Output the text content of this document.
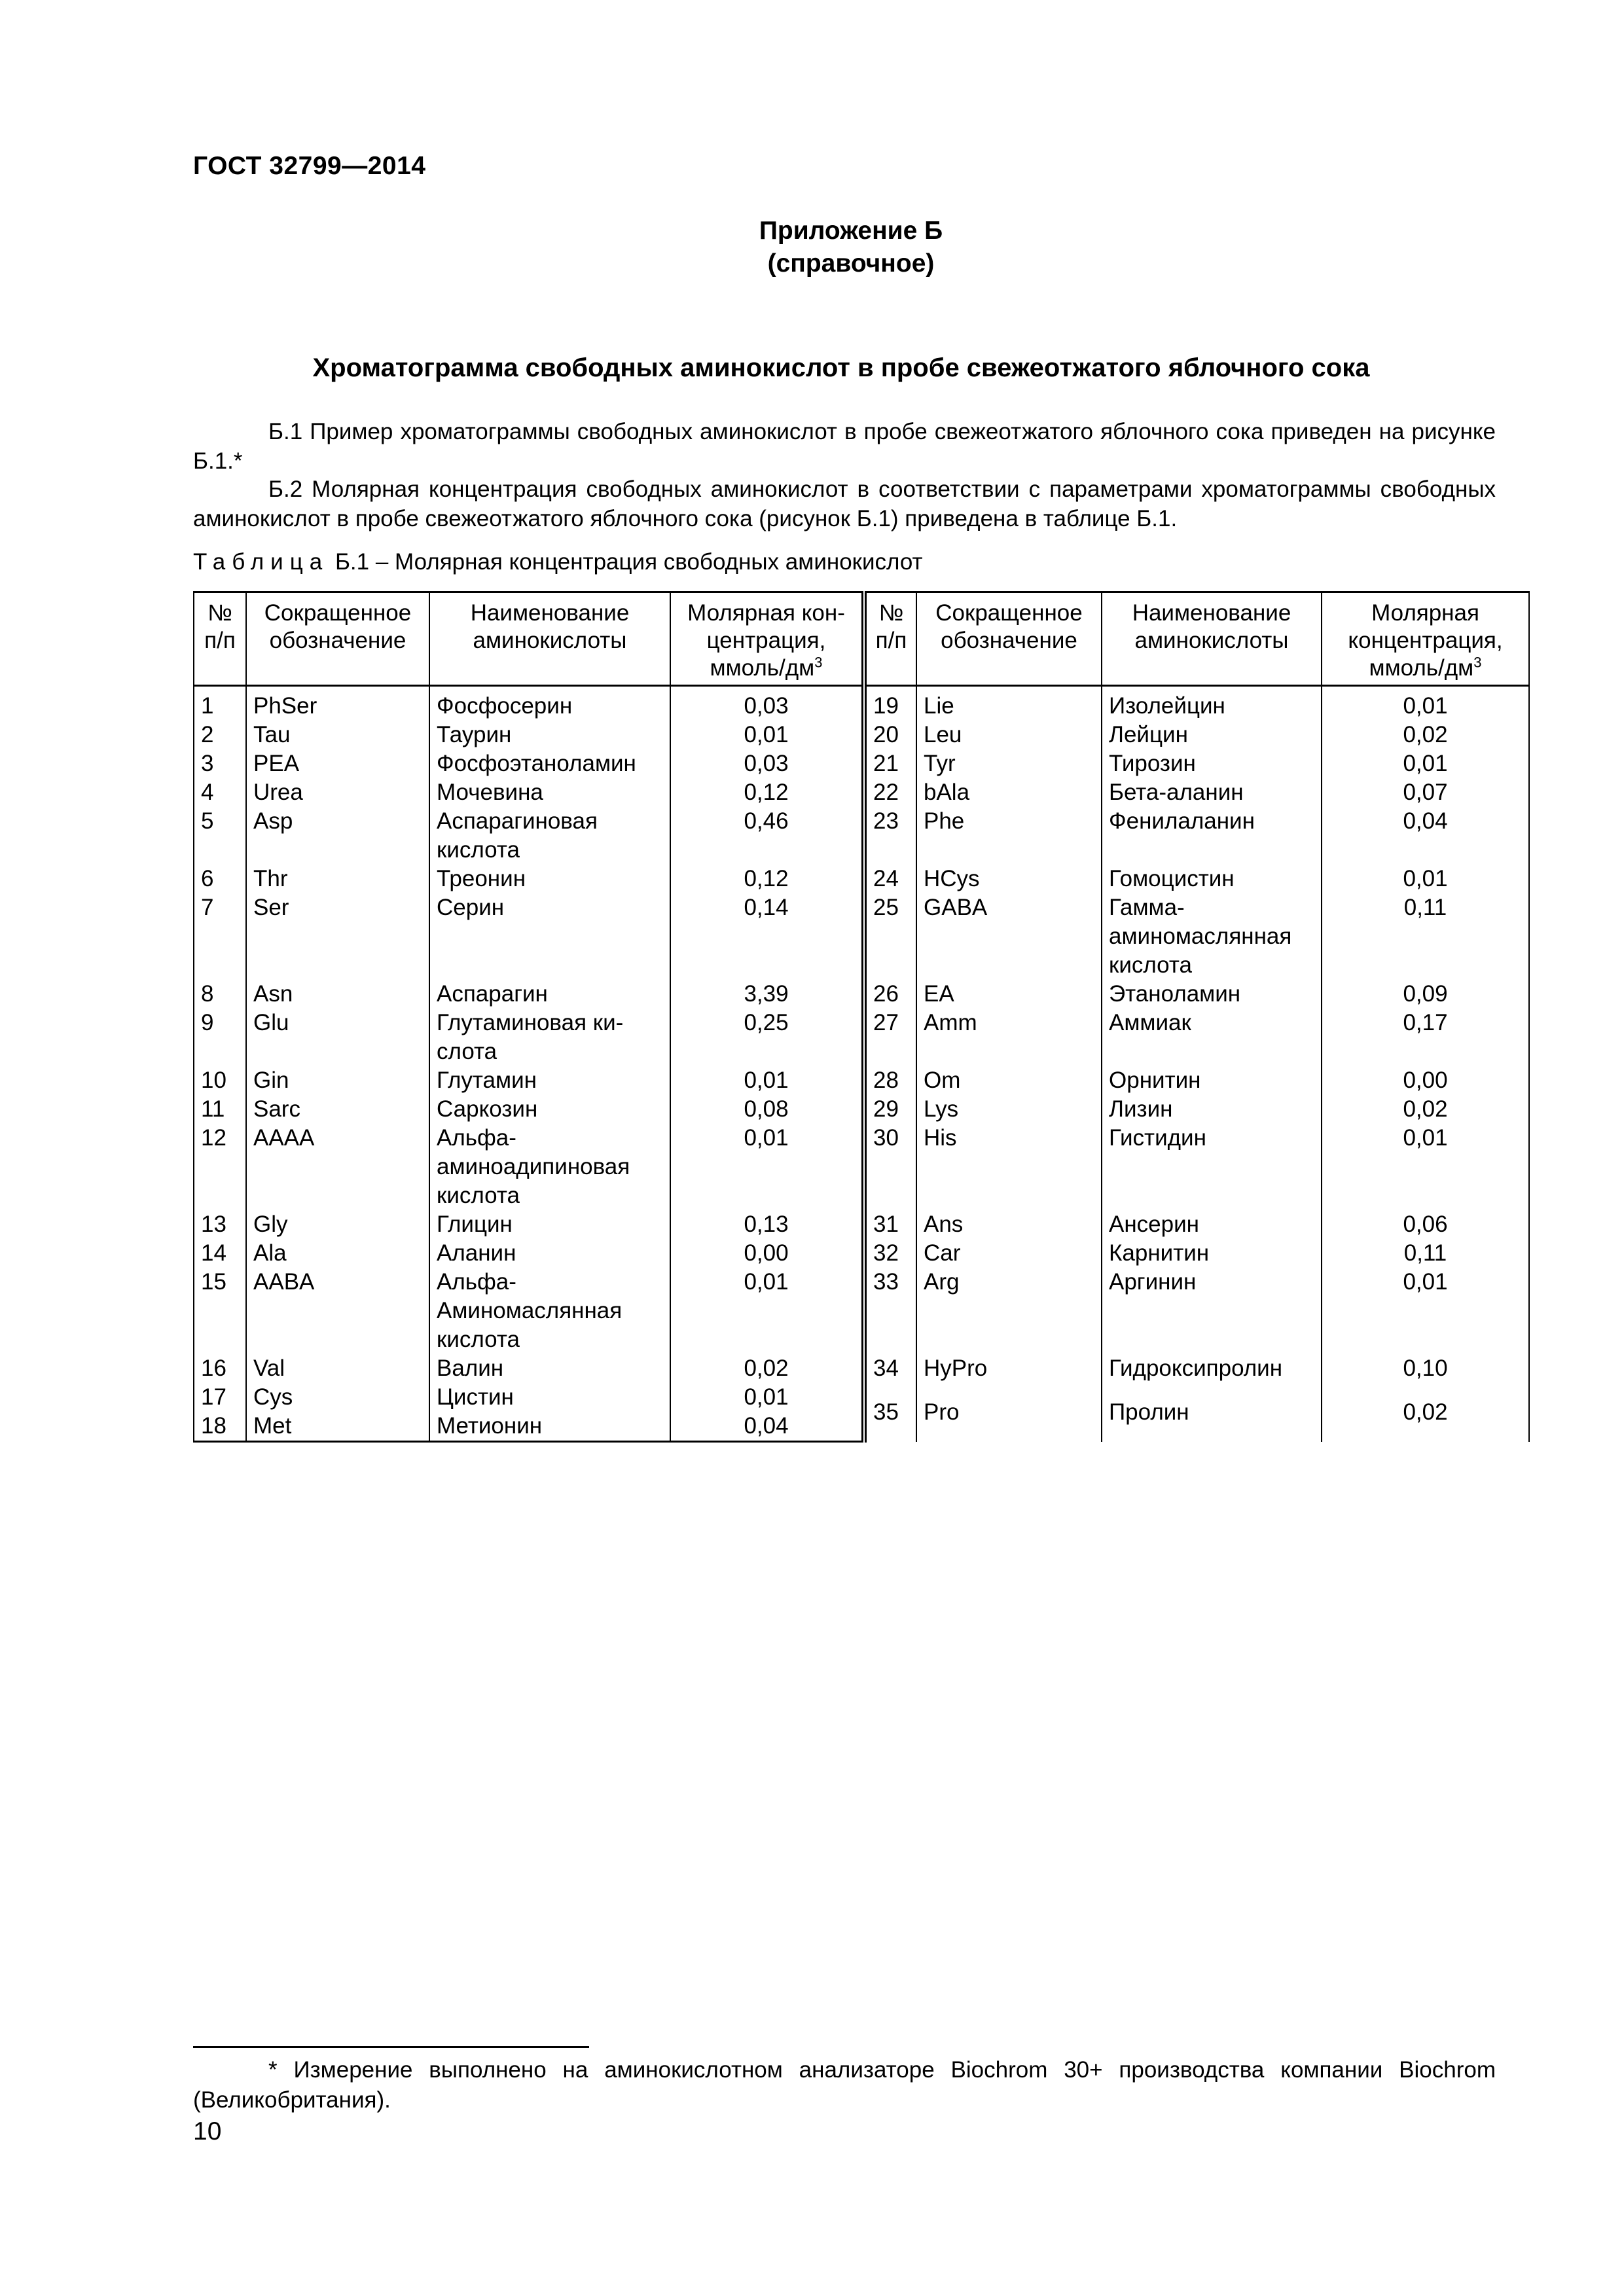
ГОСТ 32799—2014
Приложение Б
(справочное)
Хроматограмма свободных аминокислот в пробе свежеотжатого яблочного сока
Б.1 Пример хроматограммы свободных аминокислот в пробе свежеотжатого яблочного сока приведен на рисунке Б.1.*
Б.2 Молярная концентрация свободных аминокислот в соответствии с параметрами хроматограммы свободных аминокислот в пробе свежеотжатого яблочного сока (рисунок Б.1) приведена в таблице Б.1.
Таблица Б.1 – Молярная концентрация свободных аминокислот
№ п/п	Сокращенное обозначение	Наименование аминокислоты	Молярная кон-центрация, ммоль/$дм^3$	№ п/п	Сокращенное обозначение	Наименование аминокислоты	Молярная концентрация, ммоль/$дм^3$
1	PhSer	Фосфосерин	0,03	19	Lie	Изолейцин	0,01
2	Tau	Таурин	0,01	20	Leu	Лейцин	0,02
3	PEA	Фосфоэтаноламин	0,03	21	Tyr	Тирозин	0,01
4	Urea	Мочевина	0,12	22	bAla	Бета-аланин	0,07
5	Asp	Аспарагиновая кислота	0,46	23	Phe	Фенилаланин	0,04
6	Thr	Треонин	0,12	24	HCys	Гомоцистин	0,01
7	Ser	Серин	0,14	25	GABA	Гамма-аминомасляннaя кислота	0,11
8	Asn	Аспарагин	3,39	26	EA	Этаноламин	0,09
9	Glu	Глутаминовая ки-слота	0,25	27	Amm	Аммиак	0,17
10	Gin	Глутамин	0,01	28	Om	Орнитин	0,00
11	Sarc	Саркозин	0,08	29	Lys	Лизин	0,02
12	AAAA	Альфа-аминоадипиновая кислота	0,01	30	His	Гистидин	0,01
13	Gly	Глицин	0,13	31	Ans	Ансерин	0,06
14	Ala	Аланин	0,00	32	Car	Карнитин	0,11
15	AABA	Альфа-Аминомасляннaя кислота	0,01	33	Arg	Аргинин	0,01
16	Val	Валин	0,02	34	HyPro	Гидроксипролин	0,10
17	Cys	Цистин	0,01	35	Pro	Пролин	0,02
18	Met	Метионин	0,04				
* Измерение выполнено на аминокислотном анализаторе Biochrom 30+ производства компании Biochrom (Великобритания).
10
